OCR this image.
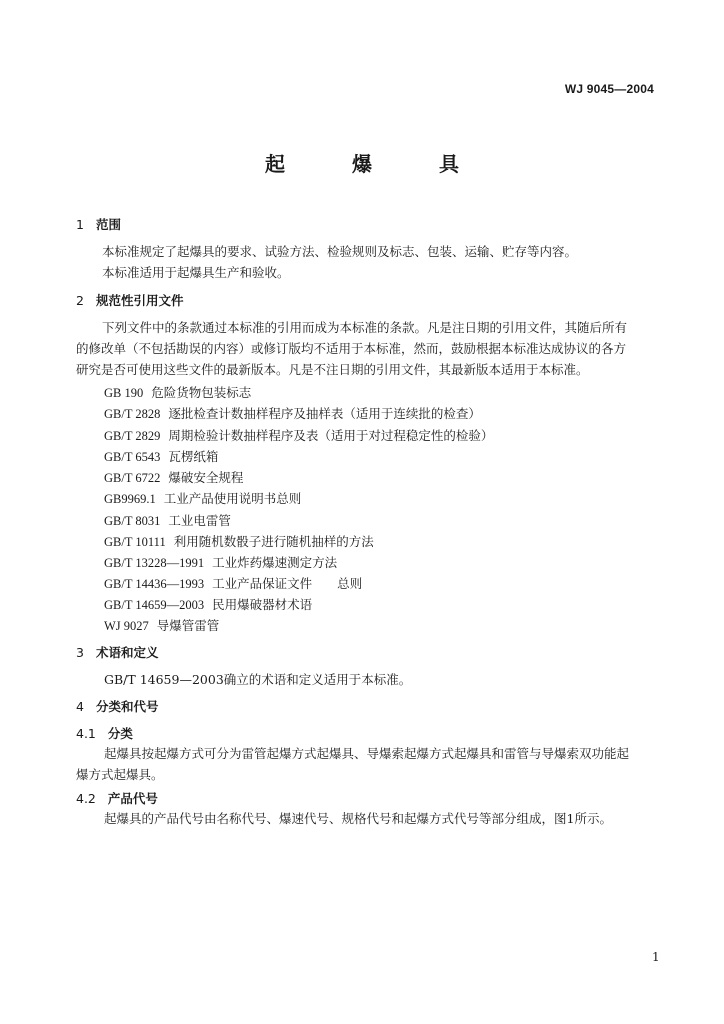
WJ 9045—2004
起 爆 具
1 范围
本标准规定了起爆具的要求、试验方法、检验规则及标志、包装、运输、贮存等内容。
本标准适用于起爆具生产和验收。
2 规范性引用文件
下列文件中的条款通过本标准的引用而成为本标准的条款。凡是注日期的引用文件，其随后所有
的修改单（不包括勘误的内容）或修订版均不适用于本标准，然而，鼓励根据本标准达成协议的各方
研究是否可使用这些文件的最新版本。凡是不注日期的引用文件，其最新版本适用于本标准。
GB 190 危险货物包装标志
GB/T 2828 逐批检查计数抽样程序及抽样表（适用于连续批的检查）
GB/T 2829 周期检验计数抽样程序及表（适用于对过程稳定性的检验）
GB/T 6543 瓦楞纸箱
GB/T 6722 爆破安全规程
GB9969.1 工业产品使用说明书总则
GB/T 8031 工业电雷管
GB/T 10111 利用随机数骰子进行随机抽样的方法
GB/T 13228—1991 工业炸药爆速测定方法
GB/T 14436—1993 工业产品保证文件　　总则
GB/T 14659—2003 民用爆破器材术语
WJ 9027 导爆管雷管
3 术语和定义
GB/T 14659—2003确立的术语和定义适用于本标准。
4 分类和代号
4.1 分类
起爆具按起爆方式可分为雷管起爆方式起爆具、导爆索起爆方式起爆具和雷管与导爆索双功能起
爆方式起爆具。
4.2 产品代号
起爆具的产品代号由名称代号、爆速代号、规格代号和起爆方式代号等部分组成，图1所示。
1
